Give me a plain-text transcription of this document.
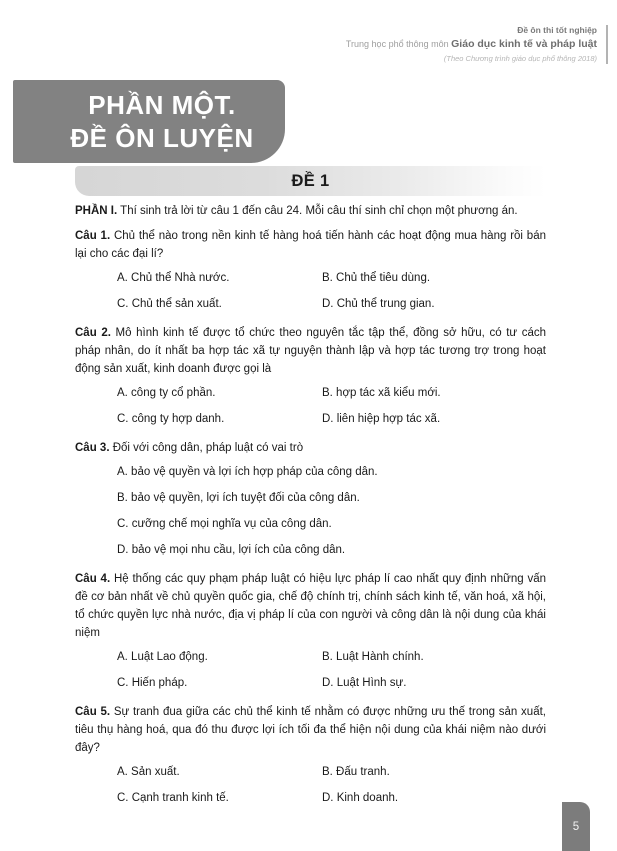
Đề ôn thi tốt nghiệp
Trung học phổ thông môn Giáo dục kinh tế và pháp luật
(Theo Chương trình giáo dục phổ thông 2018)
PHẦN MỘT.
ĐỀ ÔN LUYỆN
ĐỀ 1

PHẦN I. Thí sinh trả lời từ câu 1 đến câu 24. Mỗi câu thí sinh chỉ chọn một phương án.

Câu 1. Chủ thể nào trong nền kinh tế hàng hoá tiến hành các hoạt động mua hàng rồi bán lại cho các đại lí?

A. Chủ thể Nhà nước.	B. Chủ thể tiêu dùng.
C. Chủ thể sản xuất.	D. Chủ thể trung gian.

Câu 2. Mô hình kinh tế được tổ chức theo nguyên tắc tập thể, đồng sở hữu, có tư cách pháp nhân, do ít nhất ba hợp tác xã tự nguyện thành lập và hợp tác tương trợ trong hoạt động sản xuất, kinh doanh được gọi là

A. công ty cổ phần.	B. hợp tác xã kiểu mới.
C. công ty hợp danh.	D. liên hiệp hợp tác xã.

Câu 3. Đối với công dân, pháp luật có vai trò

A. bảo vệ quyền và lợi ích hợp pháp của công dân.
B. bảo vệ quyền, lợi ích tuyệt đối của công dân.
C. cưỡng chế mọi nghĩa vụ của công dân.
D. bảo vệ mọi nhu cầu, lợi ích của công dân.

Câu 4. Hệ thống các quy phạm pháp luật có hiệu lực pháp lí cao nhất quy định những vấn đề cơ bản nhất về chủ quyền quốc gia, chế độ chính trị, chính sách kinh tế, văn hoá, xã hội, tổ chức quyền lực nhà nước, địa vị pháp lí của con người và công dân là nội dung của khái niệm

A. Luật Lao động.	B. Luật Hành chính.
C. Hiến pháp.	D. Luật Hình sự.

Câu 5. Sự tranh đua giữa các chủ thể kinh tế nhằm có được những ưu thế trong sản xuất, tiêu thụ hàng hoá, qua đó thu được lợi ích tối đa thể hiện nội dung của khái niệm nào dưới đây?

A. Sản xuất.	B. Đấu tranh.
C. Cạnh tranh kinh tế.	D. Kinh doanh.
5
